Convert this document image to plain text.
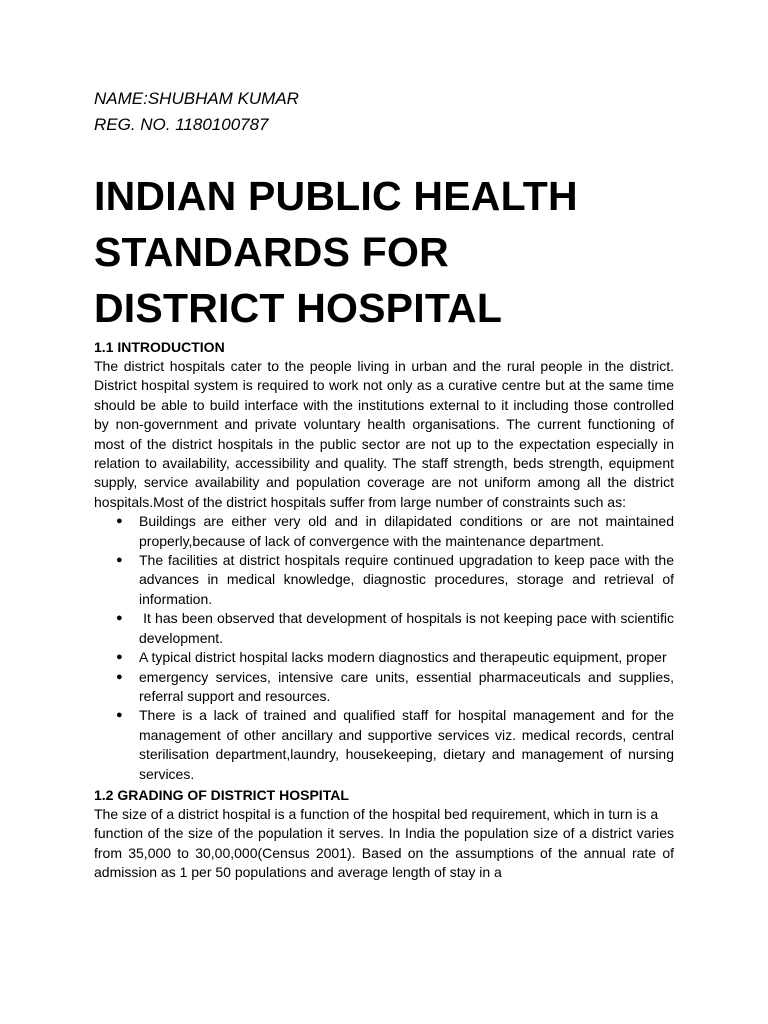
NAME:SHUBHAM KUMAR

REG. NO. 1180100787

INDIAN PUBLIC HEALTH
STANDARDS FOR
DISTRICT HOSPITAL
1.1 INTRODUCTION

The district hospitals cater to the people living in urban and the rural people in the district. District hospital system is required to work not only as a curative centre but at the same time should be able to build interface with the institutions external to it including those controlled by non-government and private voluntary health organisations. The current functioning of most of the district hospitals in the public sector are not up to the expectation especially in relation to availability, accessibility and quality. The staff strength, beds strength, equipment supply, service availability and population coverage are not uniform among all the district hospitals.Most of the district hospitals suffer from large number of constraints such as:

● Buildings are either very old and in dilapidated conditions or are not maintained properly,because of lack of convergence with the maintenance department.
● The facilities at district hospitals require continued upgradation to keep pace with the advances in medical knowledge, diagnostic procedures, storage and retrieval of information.
● It has been observed that development of hospitals is not keeping pace with scientific development.
● A typical district hospital lacks modern diagnostics and therapeutic equipment, proper
● emergency services, intensive care units, essential pharmaceuticals and supplies, referral support and resources.
● There is a lack of trained and qualified staff for hospital management and for the management of other ancillary and supportive services viz. medical records, central sterilisation department,laundry, housekeeping, dietary and management of nursing services.
1.2 GRADING OF DISTRICT HOSPITAL

The size of a district hospital is a function of the hospital bed requirement, which in turn is a

function of the size of the population it serves. In India the population size of a district varies from 35,000 to 30,00,000(Census 2001). Based on the assumptions of the annual rate of admission as 1 per 50 populations and average length of stay in a
